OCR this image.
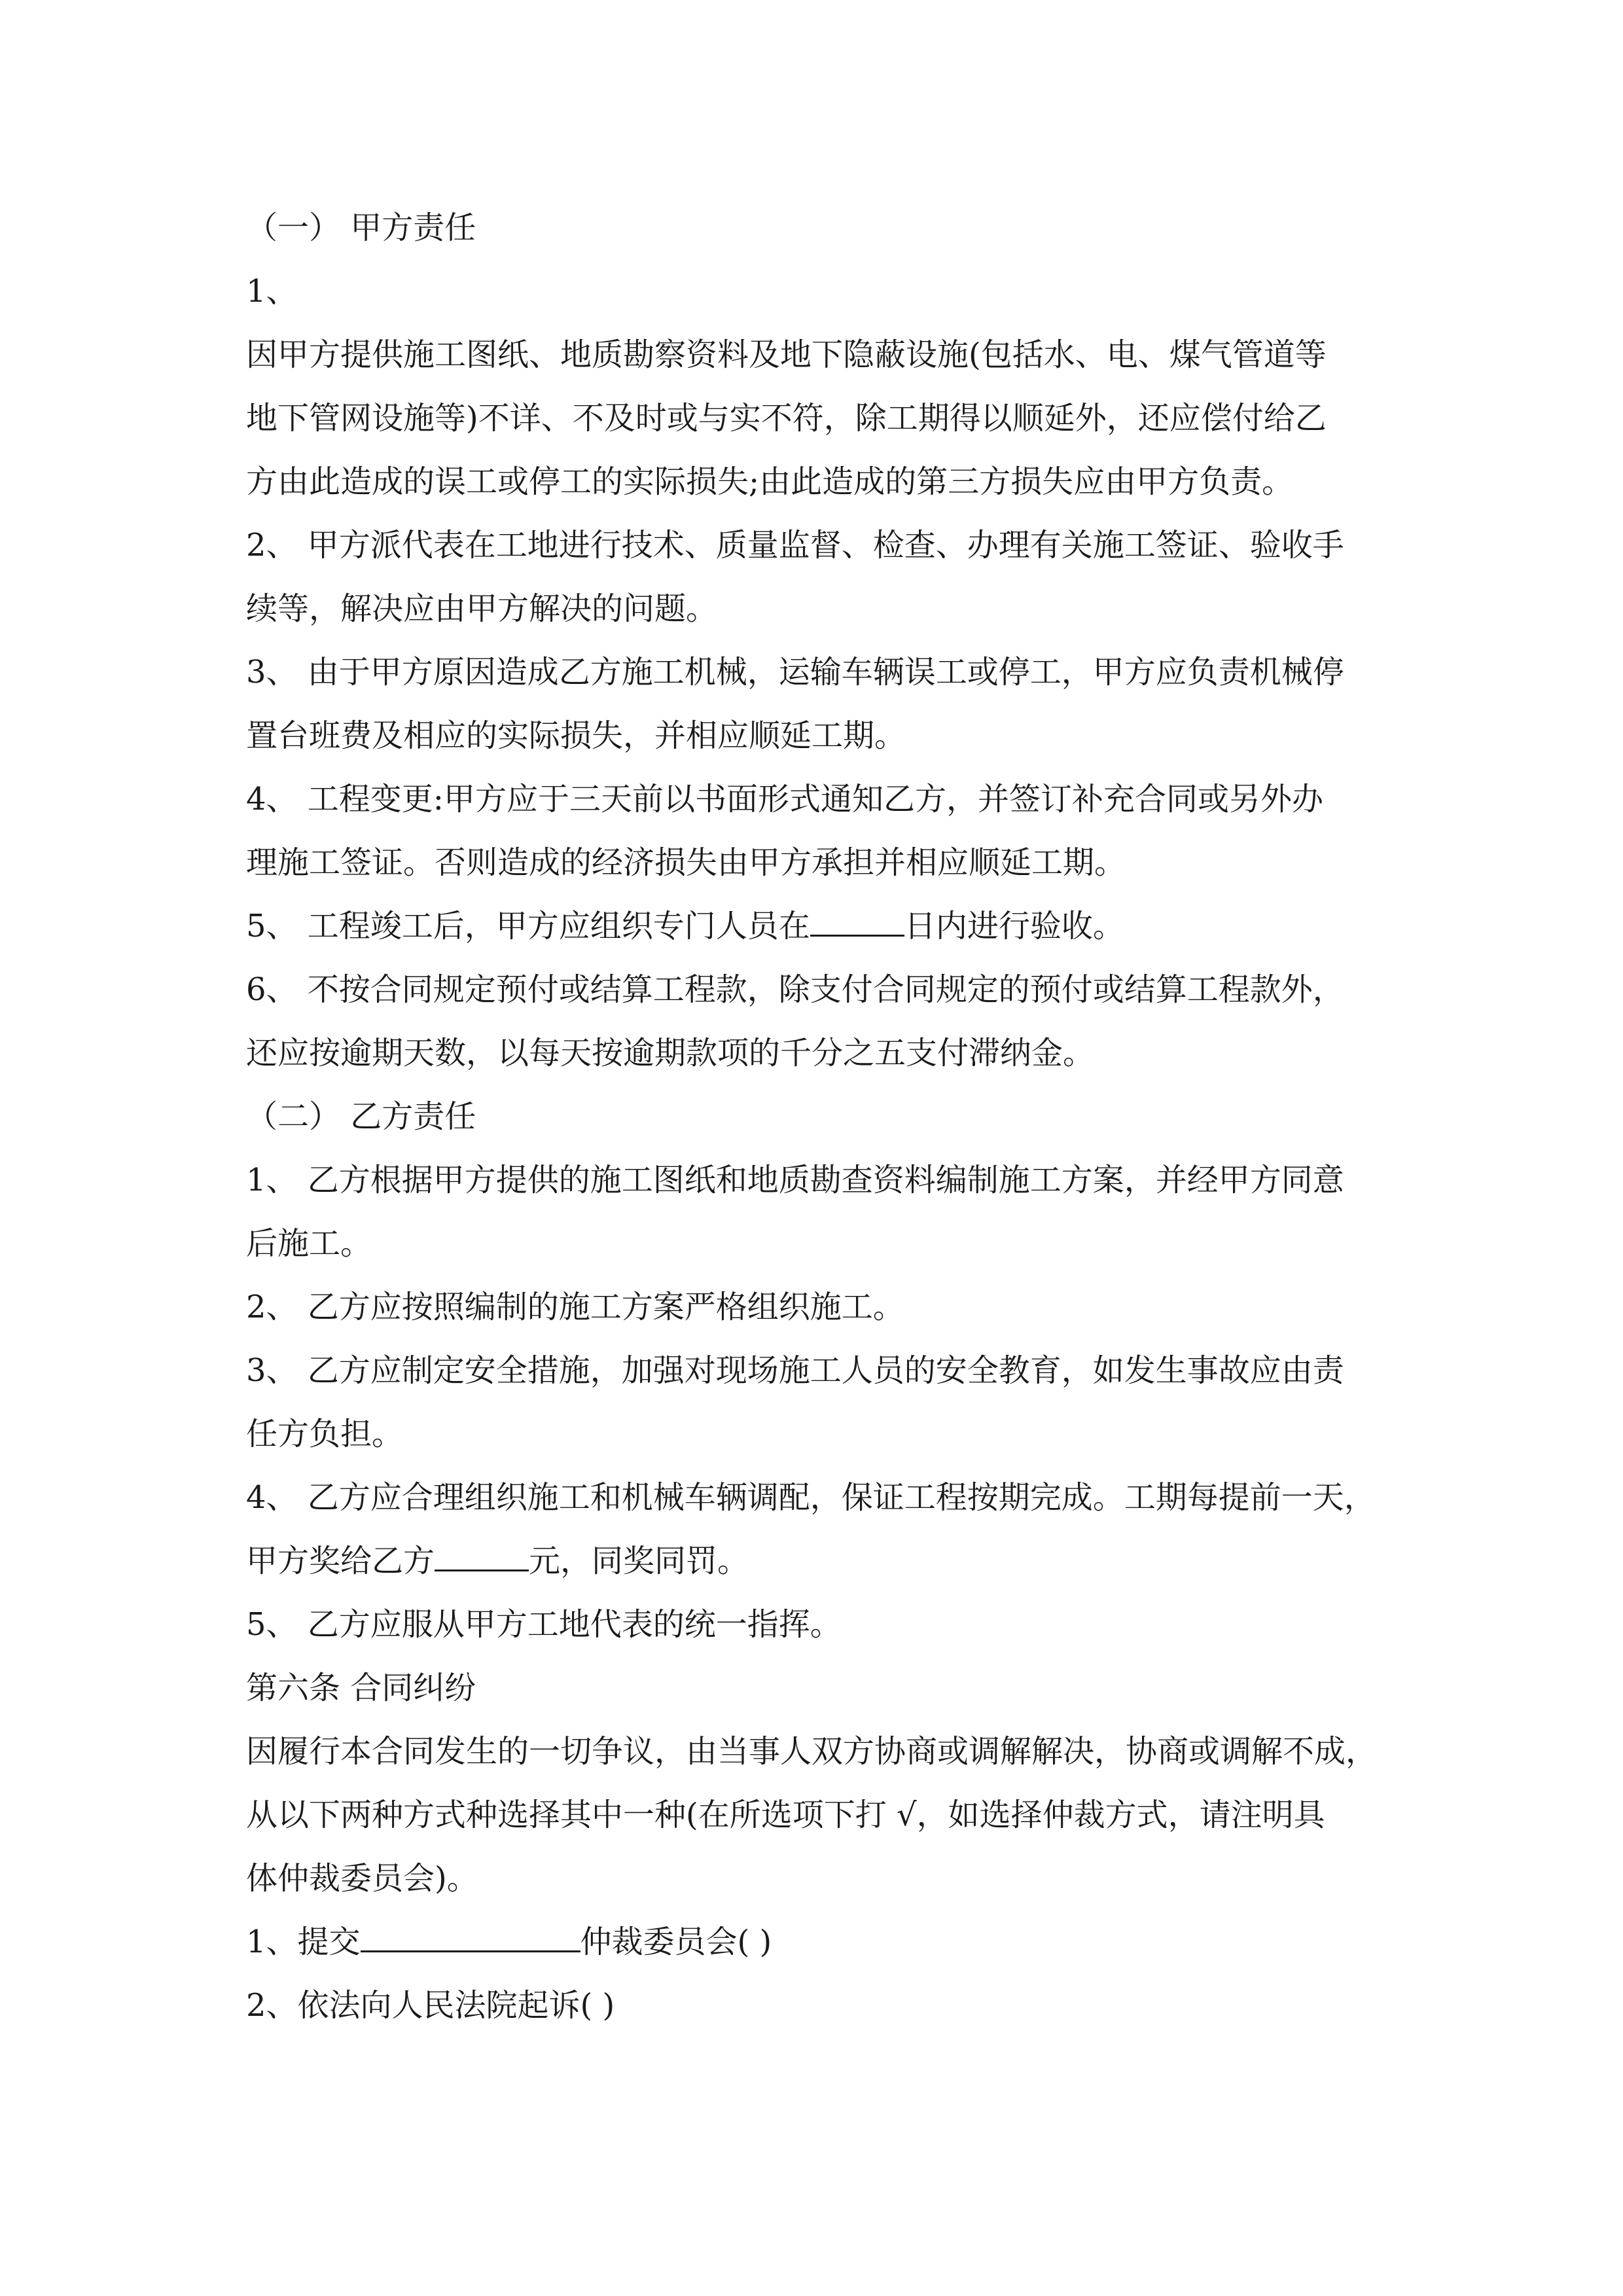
（一） 甲方责任
1、
因甲方提供施工图纸、地质勘察资料及地下隐蔽设施(包括水、电、煤气管道等
地下管网设施等)不详、不及时或与实不符，除工期得以顺延外，还应偿付给乙
方由此造成的误工或停工的实际损失;由此造成的第三方损失应由甲方负责。
2、 甲方派代表在工地进行技术、质量监督、检查、办理有关施工签证、验收手
续等，解决应由甲方解决的问题。
3、 由于甲方原因造成乙方施工机械，运输车辆误工或停工，甲方应负责机械停
置台班费及相应的实际损失，并相应顺延工期。
4、 工程变更:甲方应于三天前以书面形式通知乙方，并签订补充合同或另外办
理施工签证。否则造成的经济损失由甲方承担并相应顺延工期。
5、 工程竣工后，甲方应组织专门人员在	日内进行验收。
6、 不按合同规定预付或结算工程款，除支付合同规定的预付或结算工程款外，
还应按逾期天数，以每天按逾期款项的千分之五支付滞纳金。
（二） 乙方责任
1、 乙方根据甲方提供的施工图纸和地质勘查资料编制施工方案，并经甲方同意
后施工。
2、 乙方应按照编制的施工方案严格组织施工。
3、 乙方应制定安全措施，加强对现场施工人员的安全教育，如发生事故应由责
任方负担。
4、 乙方应合理组织施工和机械车辆调配，保证工程按期完成。工期每提前一天，
甲方奖给乙方	元，同奖同罚。
5、 乙方应服从甲方工地代表的统一指挥。
第六条 合同纠纷
因履行本合同发生的一切争议，由当事人双方协商或调解解决，协商或调解不成，
从以下两种方式种选择其中一种(在所选项下打 √，如选择仲裁方式，请注明具
体仲裁委员会)。
1、提交	仲裁委员会( )
2、依法向人民法院起诉( )
